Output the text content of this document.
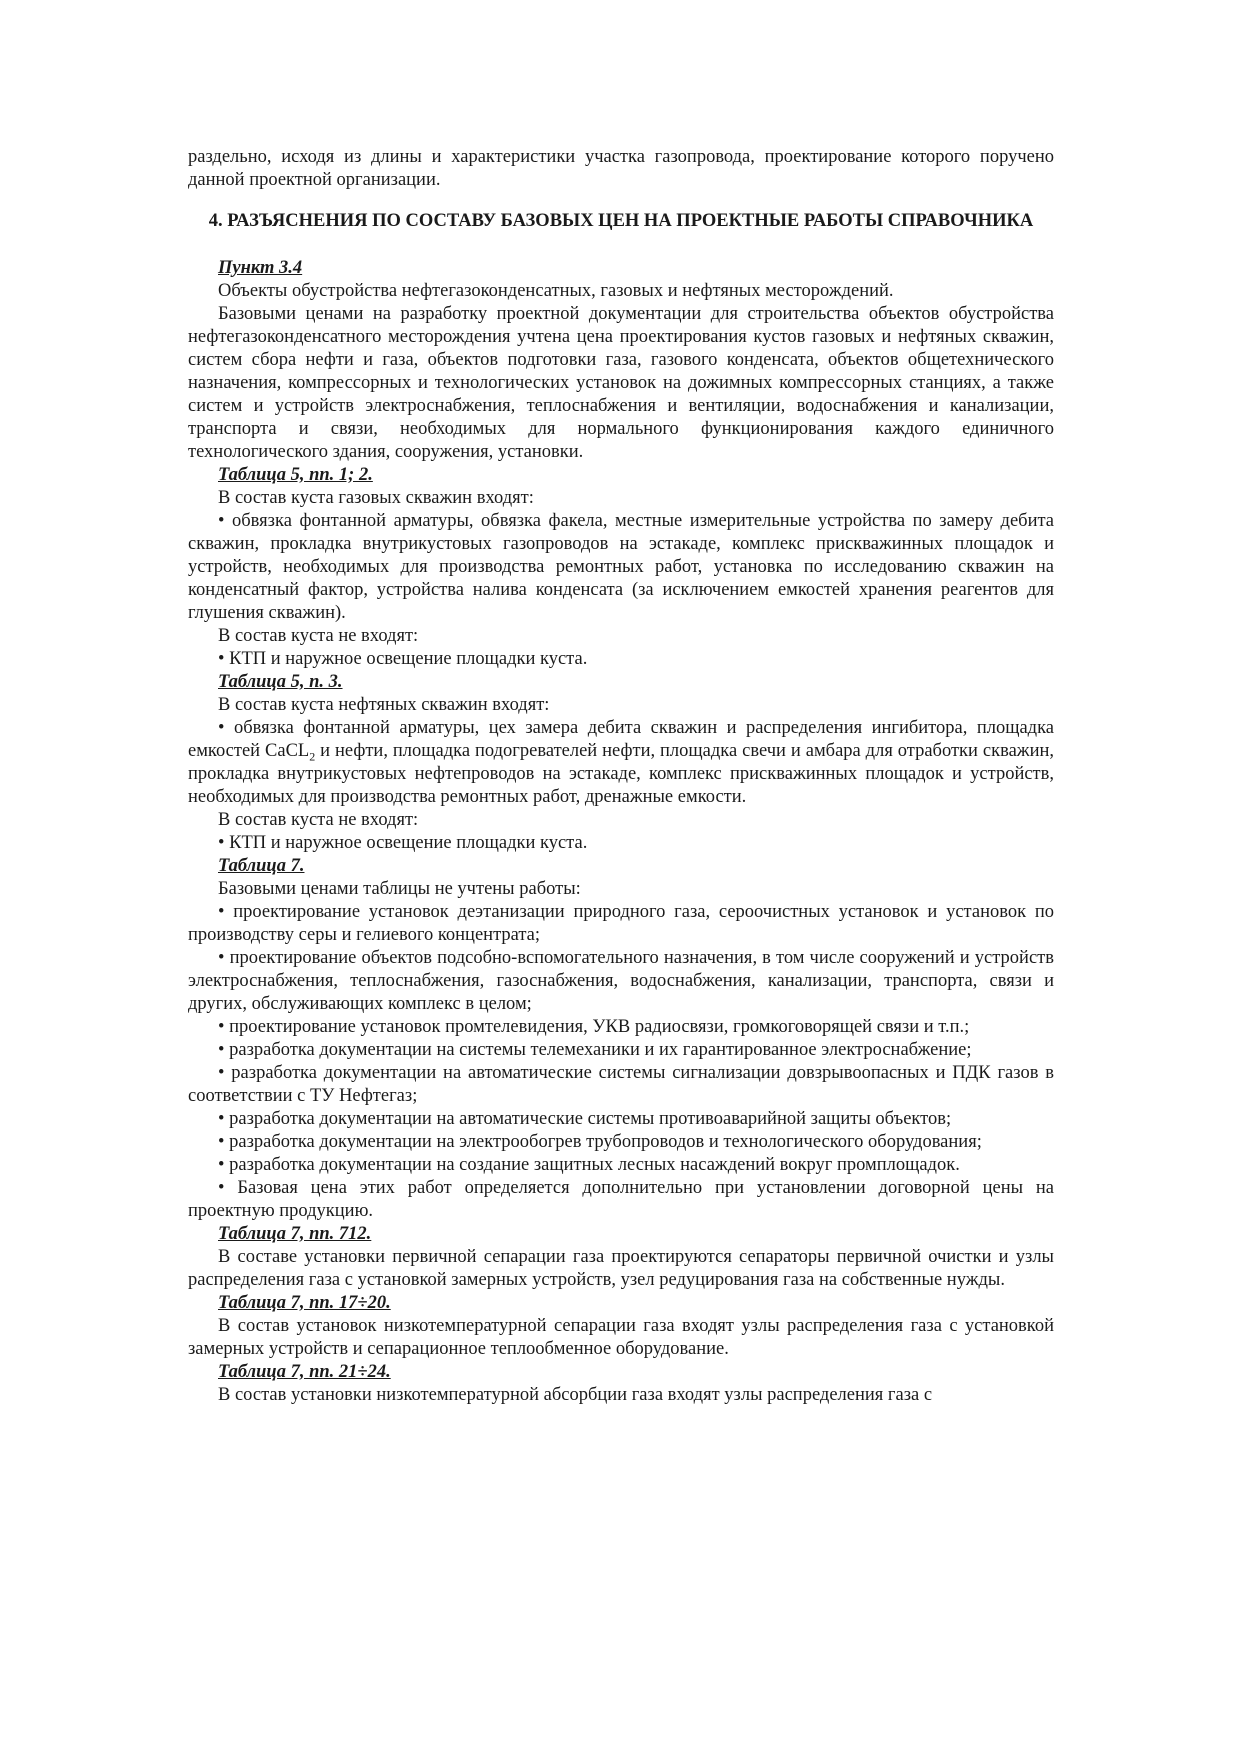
раздельно, исходя из длины и характеристики участка газопровода, проектирование которого поручено данной проектной организации.
4. РАЗЪЯСНЕНИЯ ПО СОСТАВУ БАЗОВЫХ ЦЕН НА ПРОЕКТНЫЕ РАБОТЫ СПРАВОЧНИКА
Пункт 3.4
Объекты обустройства нефтегазоконденсатных, газовых и нефтяных месторождений.
Базовыми ценами на разработку проектной документации для строительства объектов обустройства нефтегазоконденсатного месторождения учтена цена проектирования кустов газовых и нефтяных скважин, систем сбора нефти и газа, объектов подготовки газа, газового конденсата, объектов общетехнического назначения, компрессорных и технологических установок на дожимных компрессорных станциях, а также систем и устройств электроснабжения, теплоснабжения и вентиляции, водоснабжения и канализации, транспорта и связи, необходимых для нормального функционирования каждого единичного технологического здания, сооружения, установки.
Таблица 5, пп. 1; 2.
В состав куста газовых скважин входят:
• обвязка фонтанной арматуры, обвязка факела, местные измерительные устройства по замеру дебита скважин, прокладка внутрикустовых газопроводов на эстакаде, комплекс прискважинных площадок и устройств, необходимых для производства ремонтных работ, установка по исследованию скважин на конденсатный фактор, устройства налива конденсата (за исключением емкостей хранения реагентов для глушения скважин).
В состав куста не входят:
• КТП и наружное освещение площадки куста.
Таблица 5, п. 3.
В состав куста нефтяных скважин входят:
• обвязка фонтанной арматуры, цех замера дебита скважин и распределения ингибитора, площадка емкостей CaCL$_2$ и нефти, площадка подогревателей нефти, площадка свечи и амбара для отработки скважин, прокладка внутрикустовых нефтепроводов на эстакаде, комплекс прискважинных площадок и устройств, необходимых для производства ремонтных работ, дренажные емкости.
В состав куста не входят:
• КТП и наружное освещение площадки куста.
Таблица 7.
Базовыми ценами таблицы не учтены работы:
• проектирование установок деэтанизации природного газа, сероочистных установок и установок по производству серы и гелиевого концентрата;
• проектирование объектов подсобно-вспомогательного назначения, в том числе сооружений и устройств электроснабжения, теплоснабжения, газоснабжения, водоснабжения, канализации, транспорта, связи и других, обслуживающих комплекс в целом;
• проектирование установок промтелевидения, УКВ радиосвязи, громкоговорящей связи и т.п.;
• разработка документации на системы телемеханики и их гарантированное электроснабжение;
• разработка документации на автоматические системы сигнализации довзрывоопасных и ПДК газов в соответствии с ТУ Нефтегаз;
• разработка документации на автоматические системы противоаварийной защиты объектов;
• разработка документации на электрообогрев трубопроводов и технологического оборудования;
• разработка документации на создание защитных лесных насаждений вокруг промплощадок.
• Базовая цена этих работ определяется дополнительно при установлении договорной цены на проектную продукцию.
Таблица 7, пп. 712.
В составе установки первичной сепарации газа проектируются сепараторы первичной очистки и узлы распределения газа с установкой замерных устройств, узел редуцирования газа на собственные нужды.
Таблица 7, пп. 17÷20.
В состав установок низкотемпературной сепарации газа входят узлы распределения газа с установкой замерных устройств и сепарационное теплообменное оборудование.
Таблица 7, пп. 21÷24.
В состав установки низкотемпературной абсорбции газа входят узлы распределения газа с
